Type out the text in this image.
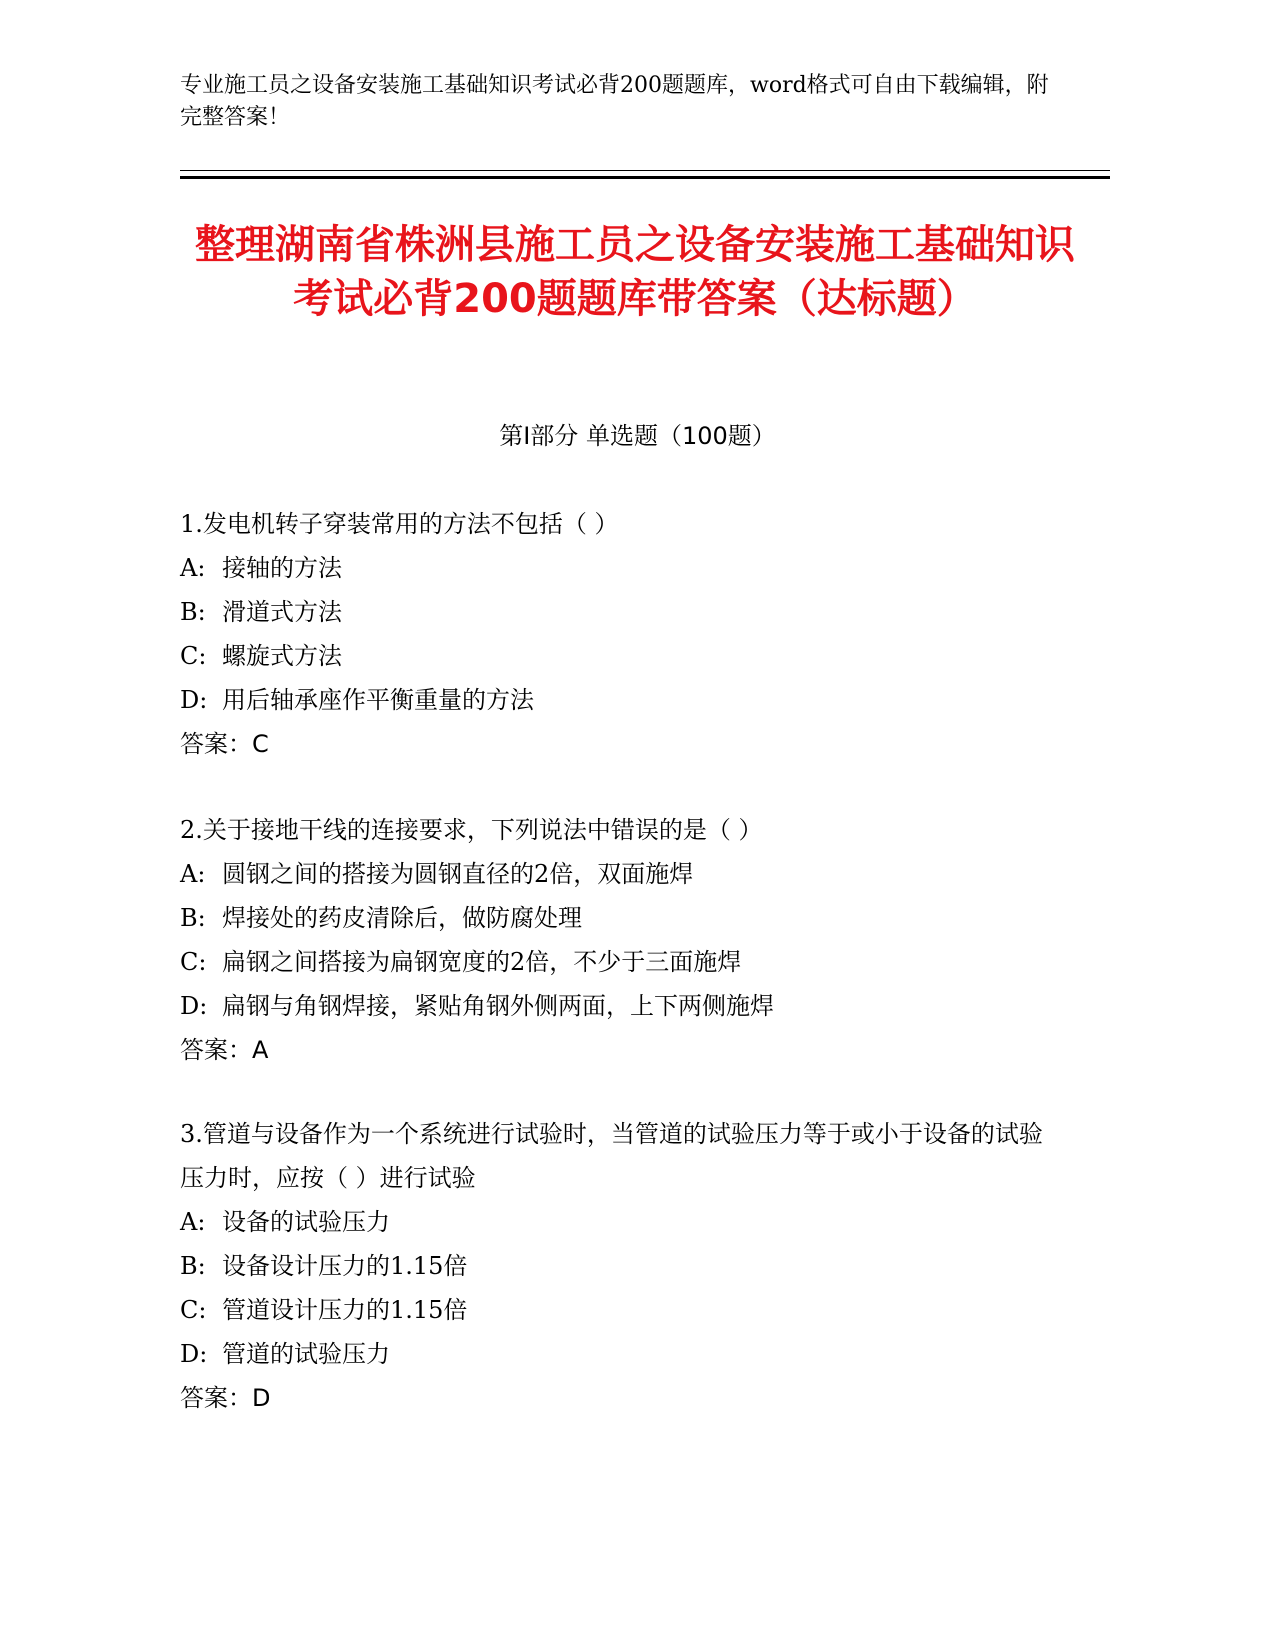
专业施工员之设备安装施工基础知识考试必背200题题库，word格式可自由下载编辑，附完整答案！
整理湖南省株洲县施工员之设备安装施工基础知识考试必背200题题库带答案（达标题）
第Ⅰ部分 单选题（100题）

1.发电机转子穿装常用的方法不包括（ ）

A: 接轴的方法

B: 滑道式方法

C: 螺旋式方法

D: 用后轴承座作平衡重量的方法

答案：C

2.关于接地干线的连接要求，下列说法中错误的是（ ）

A: 圆钢之间的搭接为圆钢直径的2倍，双面施焊

B: 焊接处的药皮清除后，做防腐处理

C: 扁钢之间搭接为扁钢宽度的2倍，不少于三面施焊

D: 扁钢与角钢焊接，紧贴角钢外侧两面，上下两侧施焊

答案：A

3.管道与设备作为一个系统进行试验时，当管道的试验压力等于或小于设备的试验压力时，应按（ ）进行试验

A: 设备的试验压力

B: 设备设计压力的1.15倍

C: 管道设计压力的1.15倍

D: 管道的试验压力

答案：D
